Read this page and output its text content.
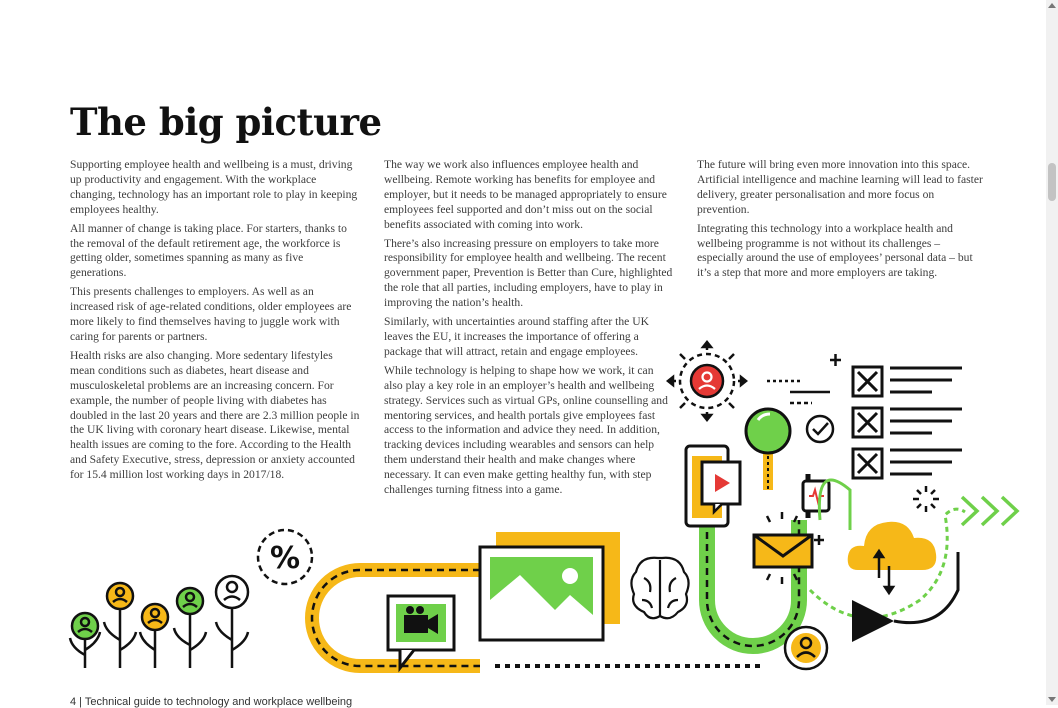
The big picture

Supporting employee health and wellbeing is a must, driving up productivity and engagement. With the workplace changing, technology has an important role to play in keeping employees healthy.

All manner of change is taking place. For starters, thanks to the removal of the default retirement age, the workforce is getting older, sometimes spanning as many as five generations.

This presents challenges to employers. As well as an increased risk of age-related conditions, older employees are more likely to find themselves having to juggle work with caring for parents or partners.

Health risks are also changing. More sedentary lifestyles mean conditions such as diabetes, heart disease and musculoskeletal problems are an increasing concern. For example, the number of people living with diabetes has doubled in the last 20 years and there are 2.3 million people in the UK living with coronary heart disease. Likewise, mental health issues are coming to the fore. According to the Health and Safety Executive, stress, depression or anxiety accounted for 15.4 million lost working days in 2017/18.

The way we work also influences employee health and wellbeing. Remote working has benefits for employee and employer, but it needs to be managed appropriately to ensure employees feel supported and don’t miss out on the social benefits associated with coming into work.

There’s also increasing pressure on employers to take more responsibility for employee health and wellbeing. The recent government paper, Prevention is Better than Cure, highlighted the role that all parties, including employers, have to play in improving the nation’s health.

Similarly, with uncertainties around staffing after the UK leaves the EU, it increases the importance of offering a package that will attract, retain and engage employees.

While technology is helping to shape how we work, it can also play a key role in an employer’s health and wellbeing strategy. Services such as virtual GPs, online counselling and mentoring services, and health portals give employees fast access to the information and advice they need. In addition, tracking devices including wearables and sensors can help them understand their health and make changes where necessary. It can even make getting healthy fun, with step challenges turning fitness into a game.

The future will bring even more innovation into this space. Artificial intelligence and machine learning will lead to faster delivery, greater personalisation and more focus on prevention.

Integrating this technology into a workplace health and wellbeing programme is not without its challenges – especially around the use of employees’ personal data – but it’s a step that more and more employers are taking.

%
4 | Technical guide to technology and workplace wellbeing
